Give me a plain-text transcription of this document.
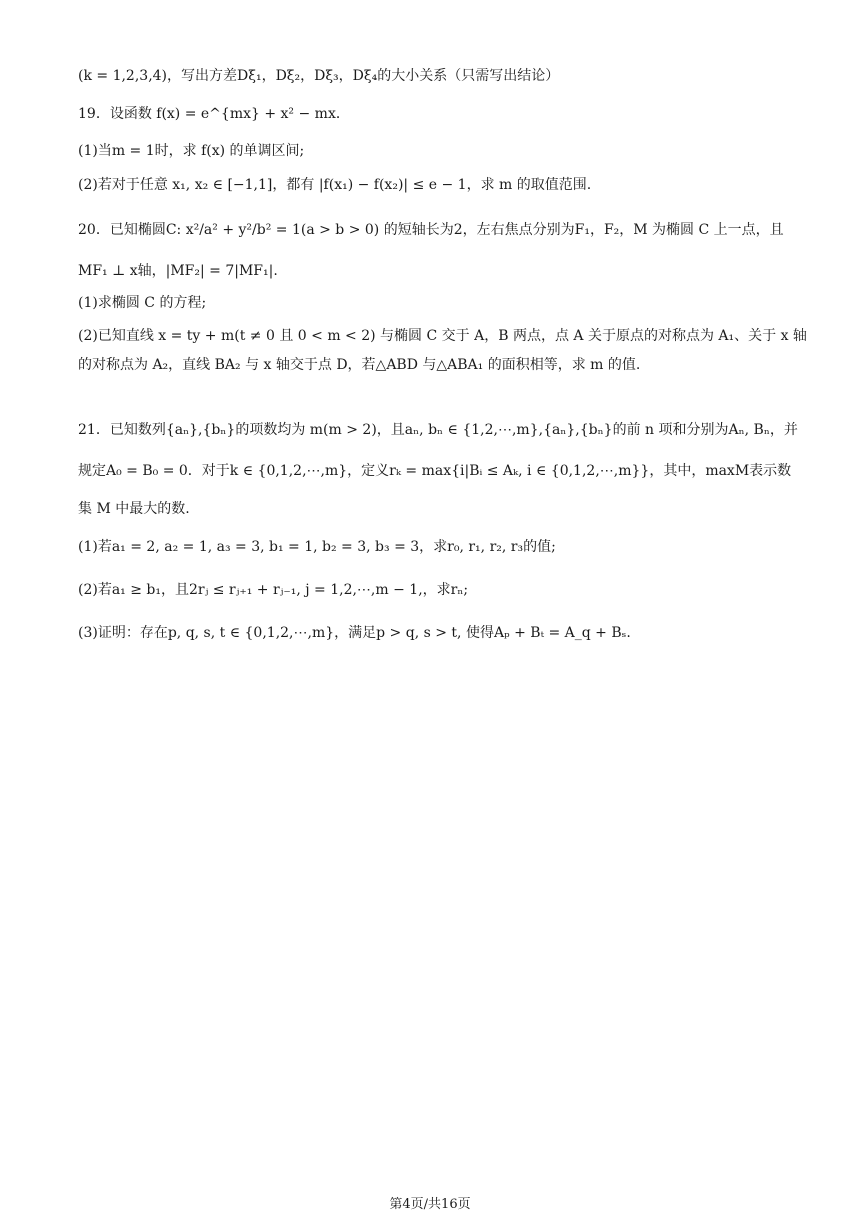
(k = 1,2,3,4)，写出方差Dξ₁，Dξ₂，Dξ₃，Dξ₄的大小关系（只需写出结论）
19．设函数 f(x) = e^{mx} + x² − mx．
(1)当m = 1时，求 f(x) 的单调区间;
(2)若对于任意 x₁, x₂ ∈ [−1,1]，都有 |f(x₁) − f(x₂)| ≤ e − 1，求 m 的取值范围.
20．已知椭圆C: x²/a² + y²/b² = 1(a > b > 0) 的短轴长为2，左右焦点分别为F₁，F₂，M 为椭圆 C 上一点，且
MF₁ ⊥ x轴，|MF₂| = 7|MF₁|.
(1)求椭圆 C 的方程;
(2)已知直线 x = ty + m(t ≠ 0 且 0 < m < 2) 与椭圆 C 交于 A，B 两点，点 A 关于原点的对称点为 A₁、关于 x 轴
的对称点为 A₂，直线 BA₂ 与 x 轴交于点 D，若△ABD 与△ABA₁ 的面积相等，求 m 的值.
21．已知数列{aₙ},{bₙ}的项数均为 m(m > 2)，且aₙ, bₙ ∈ {1,2,⋯,m},{aₙ},{bₙ}的前 n 项和分别为Aₙ, Bₙ，并
规定A₀ = B₀ = 0．对于k ∈ {0,1,2,⋯,m}，定义rₖ = max{i|Bᵢ ≤ Aₖ, i ∈ {0,1,2,⋯,m}}，其中，maxM表示数
集 M 中最大的数.
(1)若a₁ = 2, a₂ = 1, a₃ = 3, b₁ = 1, b₂ = 3, b₃ = 3，求r₀, r₁, r₂, r₃的值;
(2)若a₁ ≥ b₁，且2rⱼ ≤ rⱼ₊₁ + rⱼ₋₁, j = 1,2,⋯,m − 1,，求rₙ;
(3)证明：存在p, q, s, t ∈ {0,1,2,⋯,m}，满足p > q, s > t, 使得Aₚ + Bₜ = A_q + Bₛ.
第4页/共16页
